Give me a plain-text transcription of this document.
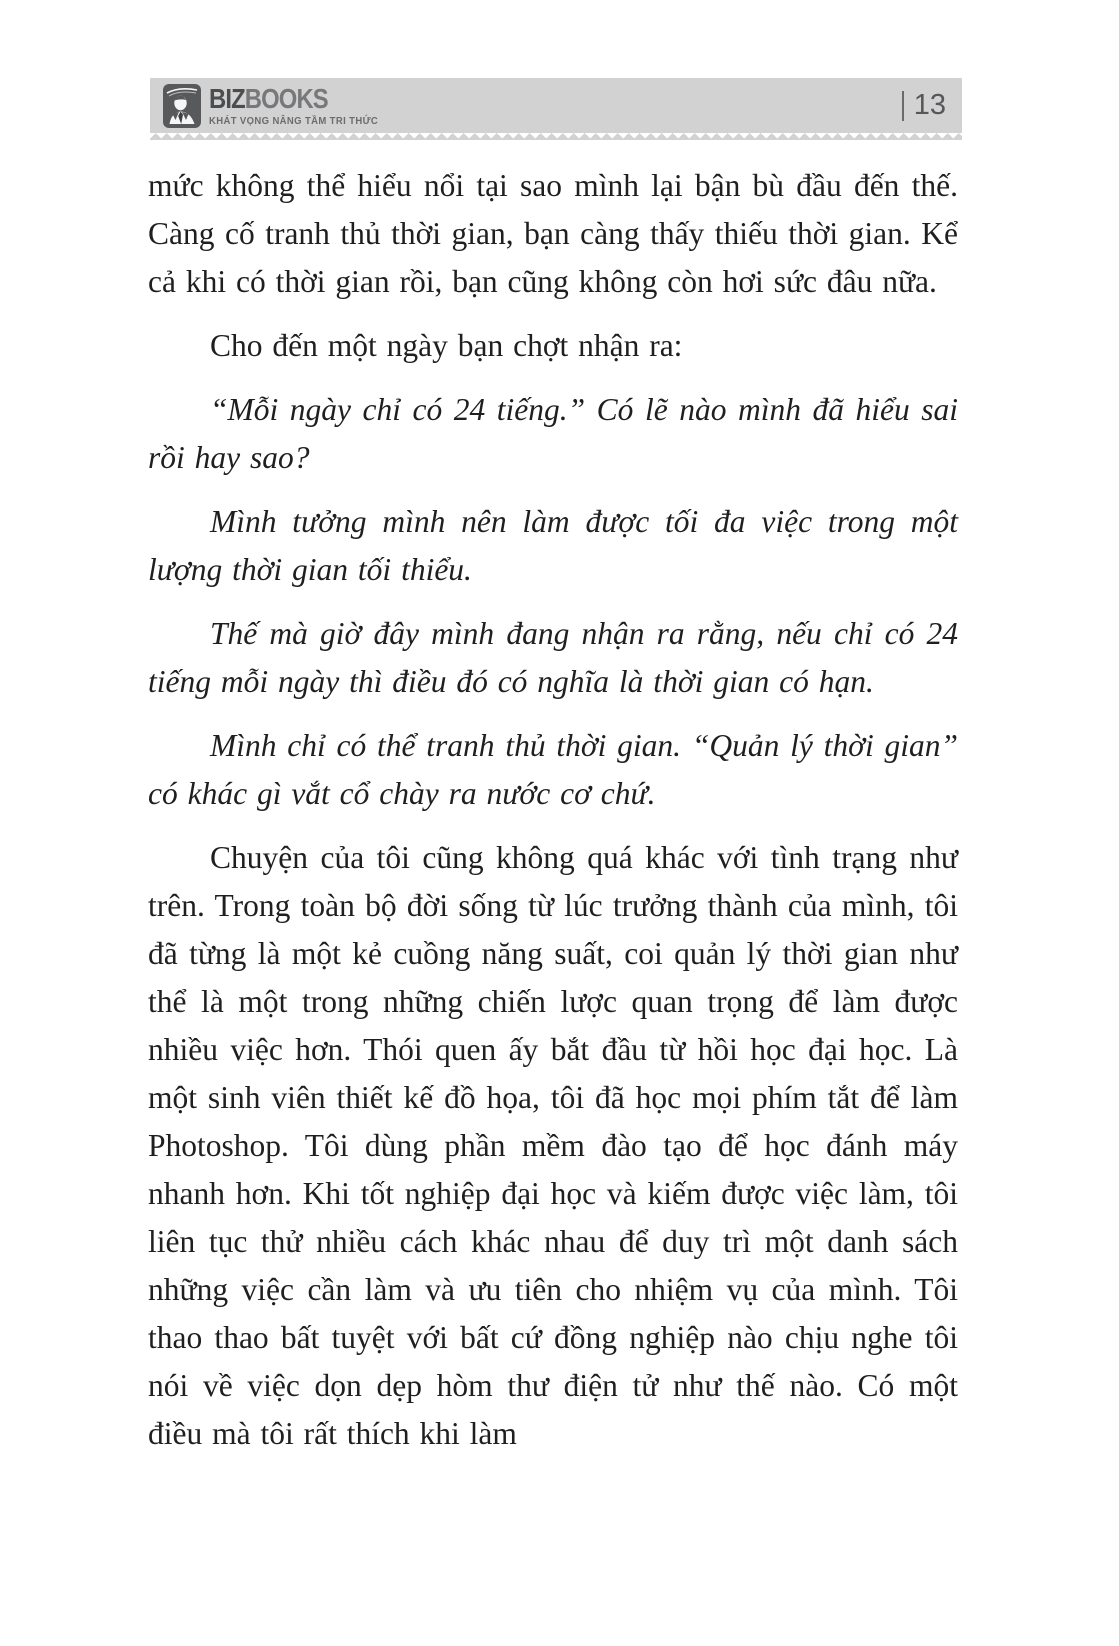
BIZBOOKS
KHÁT VỌNG NÂNG TẦM TRI THỨC	13

mức không thể hiểu nổi tại sao mình lại bận bù đầu đến thế. Càng cố tranh thủ thời gian, bạn càng thấy thiếu thời gian. Kể cả khi có thời gian rồi, bạn cũng không còn hơi sức đâu nữa.

Cho đến một ngày bạn chợt nhận ra:

“Mỗi ngày chỉ có 24 tiếng.” Có lẽ nào mình đã hiểu sai rồi hay sao?

Mình tưởng mình nên làm được tối đa việc trong một lượng thời gian tối thiểu.

Thế mà giờ đây mình đang nhận ra rằng, nếu chỉ có 24 tiếng mỗi ngày thì điều đó có nghĩa là thời gian có hạn.

Mình chỉ có thể tranh thủ thời gian. “Quản lý thời gian” có khác gì vắt cổ chày ra nước cơ chứ.

Chuyện của tôi cũng không quá khác với tình trạng như trên. Trong toàn bộ đời sống từ lúc trưởng thành của mình, tôi đã từng là một kẻ cuồng năng suất, coi quản lý thời gian như thể là một trong những chiến lược quan trọng để làm được nhiều việc hơn. Thói quen ấy bắt đầu từ hồi học đại học. Là một sinh viên thiết kế đồ họa, tôi đã học mọi phím tắt để làm Photoshop. Tôi dùng phần mềm đào tạo để học đánh máy nhanh hơn. Khi tốt nghiệp đại học và kiếm được việc làm, tôi liên tục thử nhiều cách khác nhau để duy trì một danh sách những việc cần làm và ưu tiên cho nhiệm vụ của mình. Tôi thao thao bất tuyệt với bất cứ đồng nghiệp nào chịu nghe tôi nói về việc dọn dẹp hòm thư điện tử như thế nào. Có một điều mà tôi rất thích khi làm
